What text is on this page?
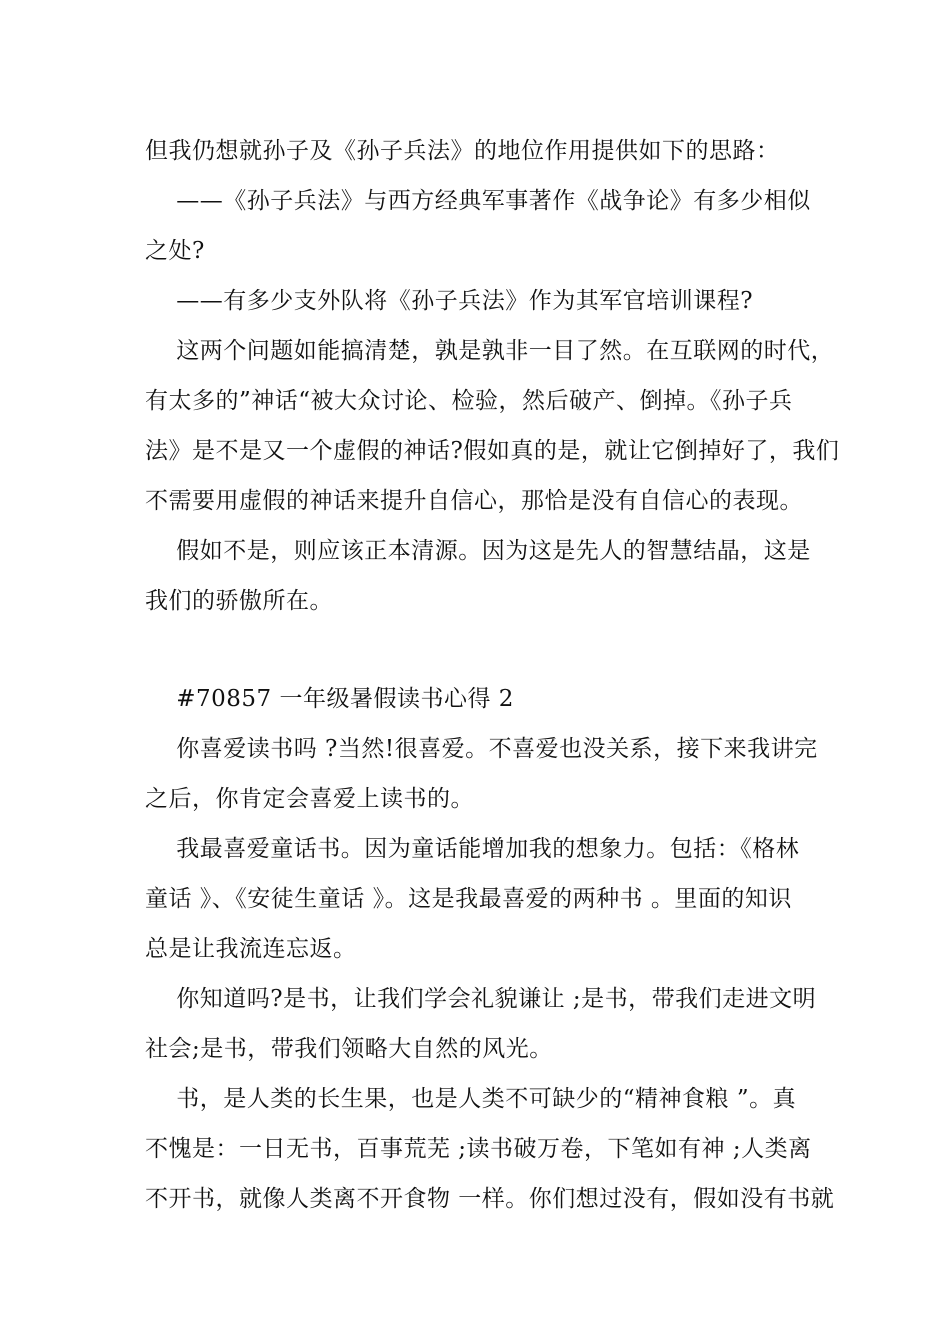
但我仍想就孙子及《孙子兵法》的地位作用提供如下的思路：
——《孙子兵法》与西方经典军事著作《战争论》有多少相似
之处?
——有多少支外队将《孙子兵法》作为其军官培训课程?
这两个问题如能搞清楚，孰是孰非一目了然。在互联网的时代，
有太多的”神话“被大众讨论、检验，然后破产、倒掉。《孙子兵
法》是不是又一个虚假的神话?假如真的是，就让它倒掉好了，我们
不需要用虚假的神话来提升自信心，那恰是没有自信心的表现。
假如不是，则应该正本清源。因为这是先人的智慧结晶，这是
我们的骄傲所在。
#70857 一年级暑假读书心得 2
你喜爱读书吗 ?当然!很喜爱。不喜爱也没关系，接下来我讲完
之后，你肯定会喜爱上读书的。
我最喜爱童话书。因为童话能增加我的想象力。包括：《格林
童话 》、《安徒生童话 》。这是我最喜爱的两种书 。里面的知识
总是让我流连忘返。
你知道吗?是书，让我们学会礼貌谦让 ;是书，带我们走进文明
社会;是书，带我们领略大自然的风光。
书，是人类的长生果，也是人类不可缺少的“精神食粮 ”。真
不愧是：一日无书，百事荒芜 ;读书破万卷，下笔如有神 ;人类离
不开书，就像人类离不开食物 一样。你们想过没有，假如没有书就
